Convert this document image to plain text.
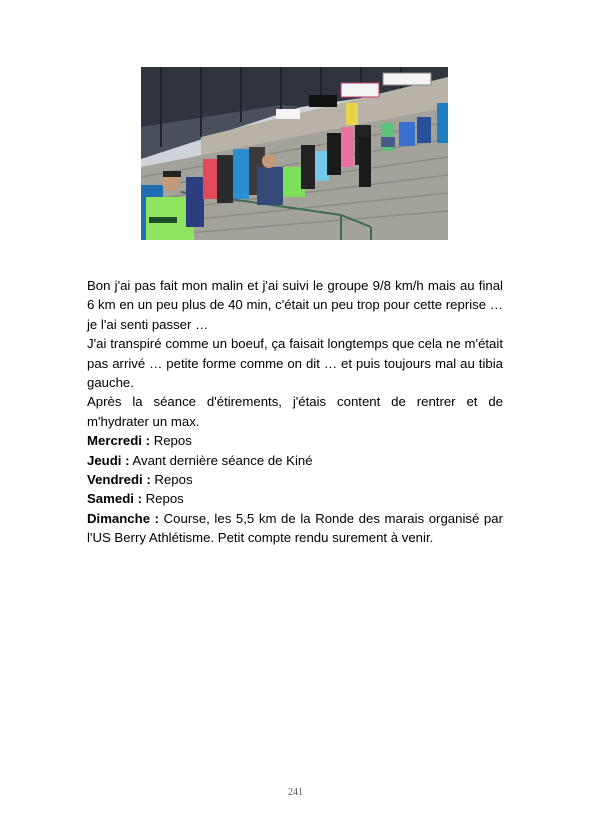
Bon j'ai pas fait mon malin et j'ai suivi le groupe 9/8 km/h mais au final 6 km en un peu plus de 40 min, c'était un peu trop pour cette reprise … je l'ai senti passer …

J'ai transpiré comme un boeuf, ça faisait longtemps que cela ne m'était pas arrivé … petite forme comme on dit … et puis toujours mal au tibia gauche.

Après la séance d'étirements, j'étais content de rentrer et de m'hydrater un max.

Mercredi : Repos

Jeudi : Avant dernière séance de Kiné

Vendredi : Repos

Samedi : Repos

Dimanche : Course, les 5,5 km de la Ronde des marais organisé par l'US Berry Athlétisme. Petit compte rendu surement à venir.

241
